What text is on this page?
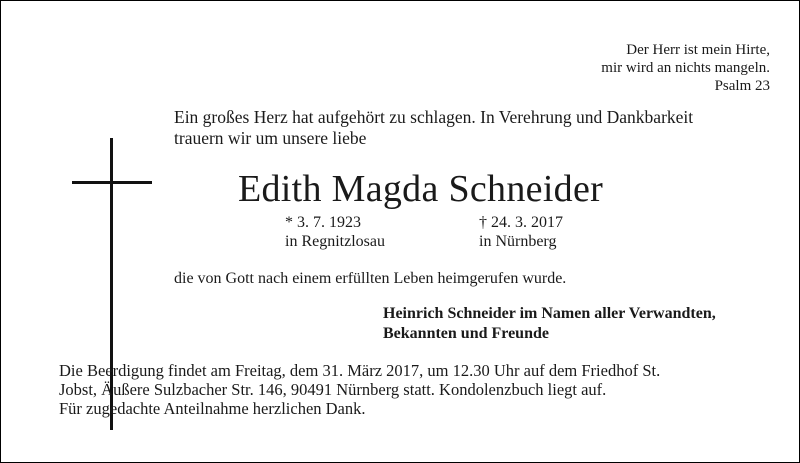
Der Herr ist mein Hirte,
mir wird an nichts mangeln.
Psalm 23
Ein großes Herz hat aufgehört zu schlagen. In Verehrung und Dankbarkeit
trauern wir um unsere liebe
Edith Magda Schneider
* 3. 7. 1923
in Regnitzlosau
† 24. 3. 2017
in Nürnberg
die von Gott nach einem erfüllten Leben heimgerufen wurde.
Heinrich Schneider im Namen aller Verwandten,
Bekannten und Freunde
Die Beerdigung findet am Freitag, dem 31. März 2017, um 12.30 Uhr auf dem Friedhof St.
Jobst, Äußere Sulzbacher Str. 146, 90491 Nürnberg statt. Kondolenzbuch liegt auf.
Für zugedachte Anteilnahme herzlichen Dank.
